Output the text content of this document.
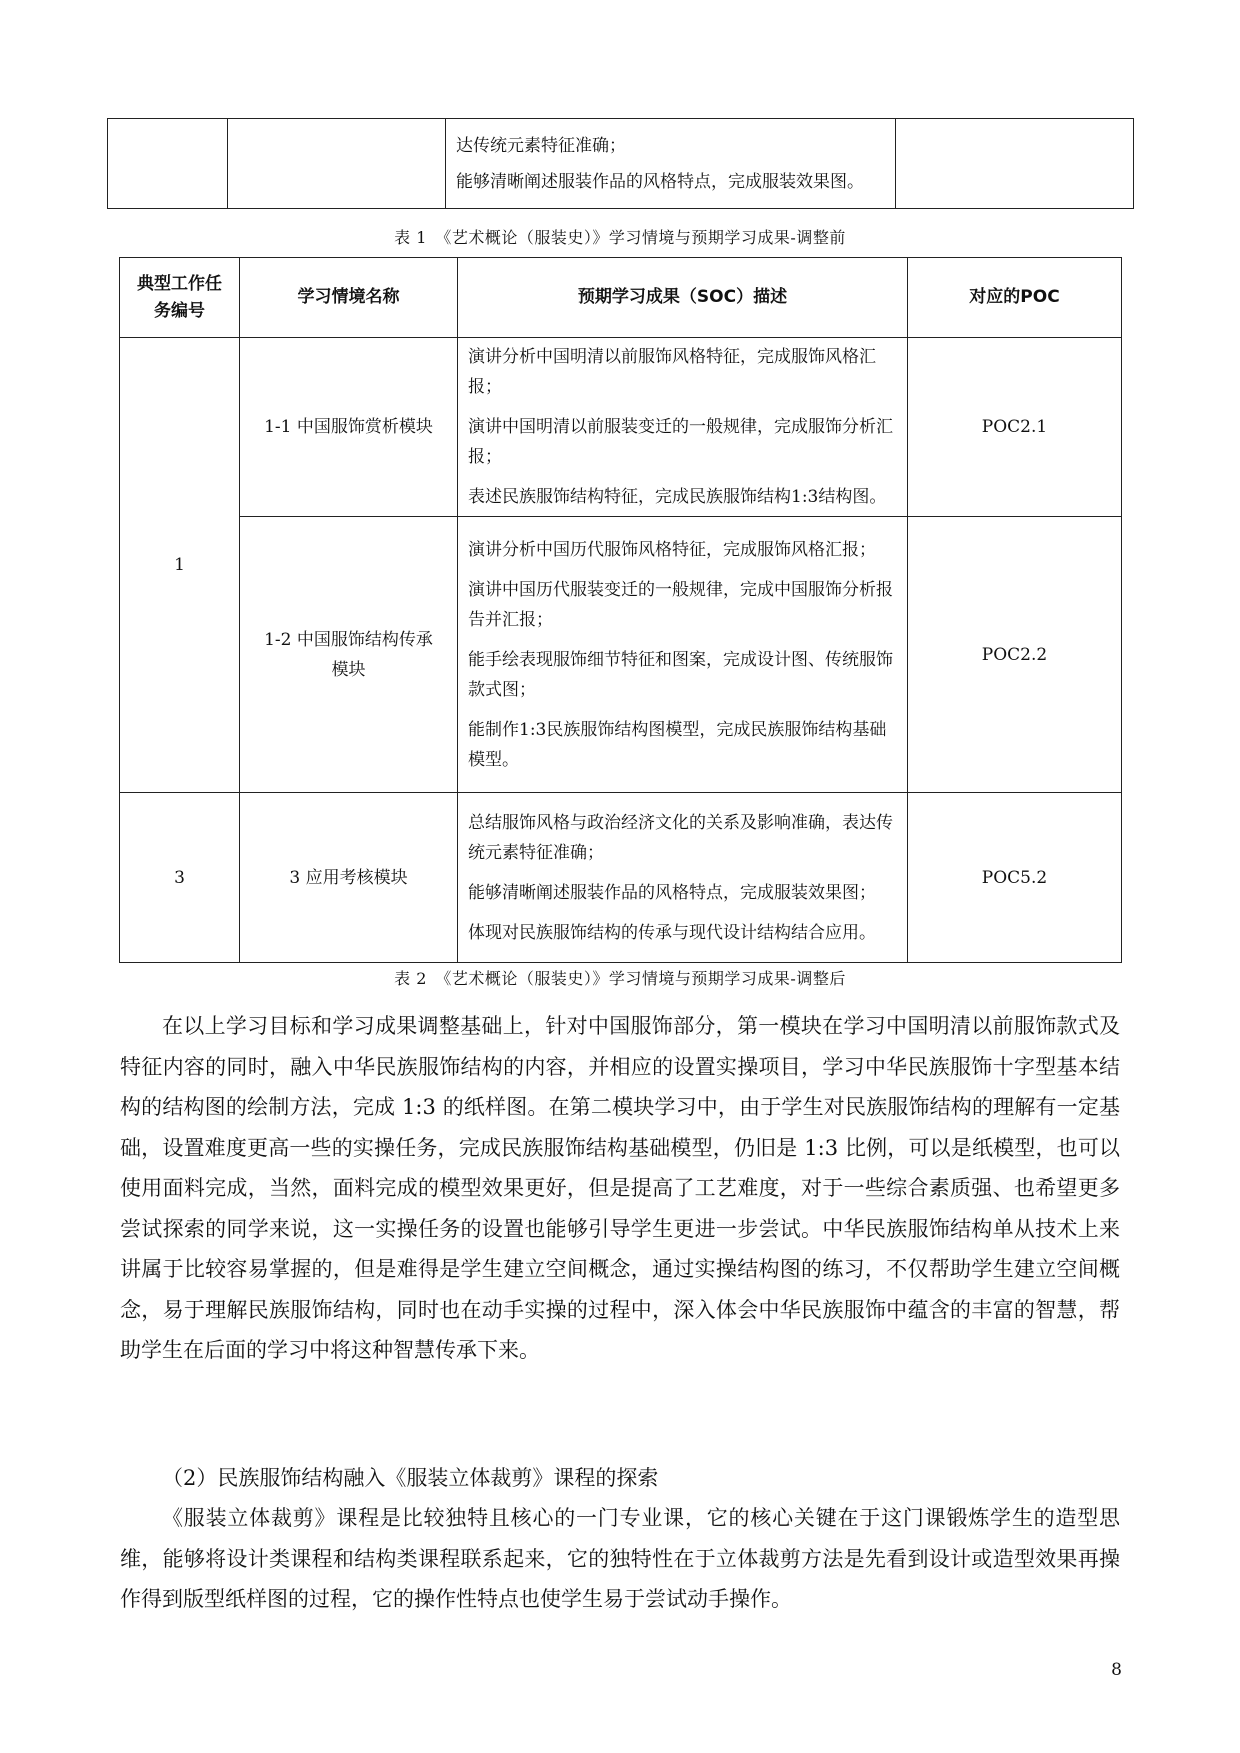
达传统元素特征准确；

能够清晰阐述服装作品的风格特点，完成服装效果图。

表 1　《艺术概论（服装史）》学习情境与预期学习成果-调整前
典型工作任务编号	学习情境名称	预期学习成果（SOC）描述	对应的POC
1	1-1 中国服饰赏析模块	演讲分析中国明清以前服饰风格特征，完成服饰风格汇报；

演讲中国明清以前服装变迁的一般规律，完成服饰分析汇报；

表述民族服饰结构特征，完成民族服饰结构1:3结构图。	POC2.1
	1-2 中国服饰结构传承模块	演讲分析中国历代服饰风格特征，完成服饰风格汇报；

演讲中国历代服装变迁的一般规律，完成中国服饰分析报告并汇报；

能手绘表现服饰细节特征和图案，完成设计图、传统服饰款式图；

能制作1:3民族服饰结构图模型，完成民族服饰结构基础模型。	POC2.2
3	3 应用考核模块	总结服饰风格与政治经济文化的关系及影响准确，表达传统元素特征准确；

能够清晰阐述服装作品的风格特点，完成服装效果图；

体现对民族服饰结构的传承与现代设计结构结合应用。	POC5.2
表 2　《艺术概论（服装史）》学习情境与预期学习成果-调整后

在以上学习目标和学习成果调整基础上，针对中国服饰部分，第一模块在学习中国明清以前服饰款式及特征内容的同时，融入中华民族服饰结构的内容，并相应的设置实操项目，学习中华民族服饰十字型基本结构的结构图的绘制方法，完成 1:3 的纸样图。在第二模块学习中，由于学生对民族服饰结构的理解有一定基础，设置难度更高一些的实操任务，完成民族服饰结构基础模型，仍旧是 1:3 比例，可以是纸模型，也可以使用面料完成，当然，面料完成的模型效果更好，但是提高了工艺难度，对于一些综合素质强、也希望更多尝试探索的同学来说，这一实操任务的设置也能够引导学生更进一步尝试。中华民族服饰结构单从技术上来讲属于比较容易掌握的，但是难得是学生建立空间概念，通过实操结构图的练习，不仅帮助学生建立空间概念，易于理解民族服饰结构，同时也在动手实操的过程中，深入体会中华民族服饰中蕴含的丰富的智慧，帮助学生在后面的学习中将这种智慧传承下来。

（2）民族服饰结构融入《服装立体裁剪》课程的探索

《服装立体裁剪》课程是比较独特且核心的一门专业课，它的核心关键在于这门课锻炼学生的造型思维，能够将设计类课程和结构类课程联系起来，它的独特性在于立体裁剪方法是先看到设计或造型效果再操作得到版型纸样图的过程，它的操作性特点也使学生易于尝试动手操作。

8
